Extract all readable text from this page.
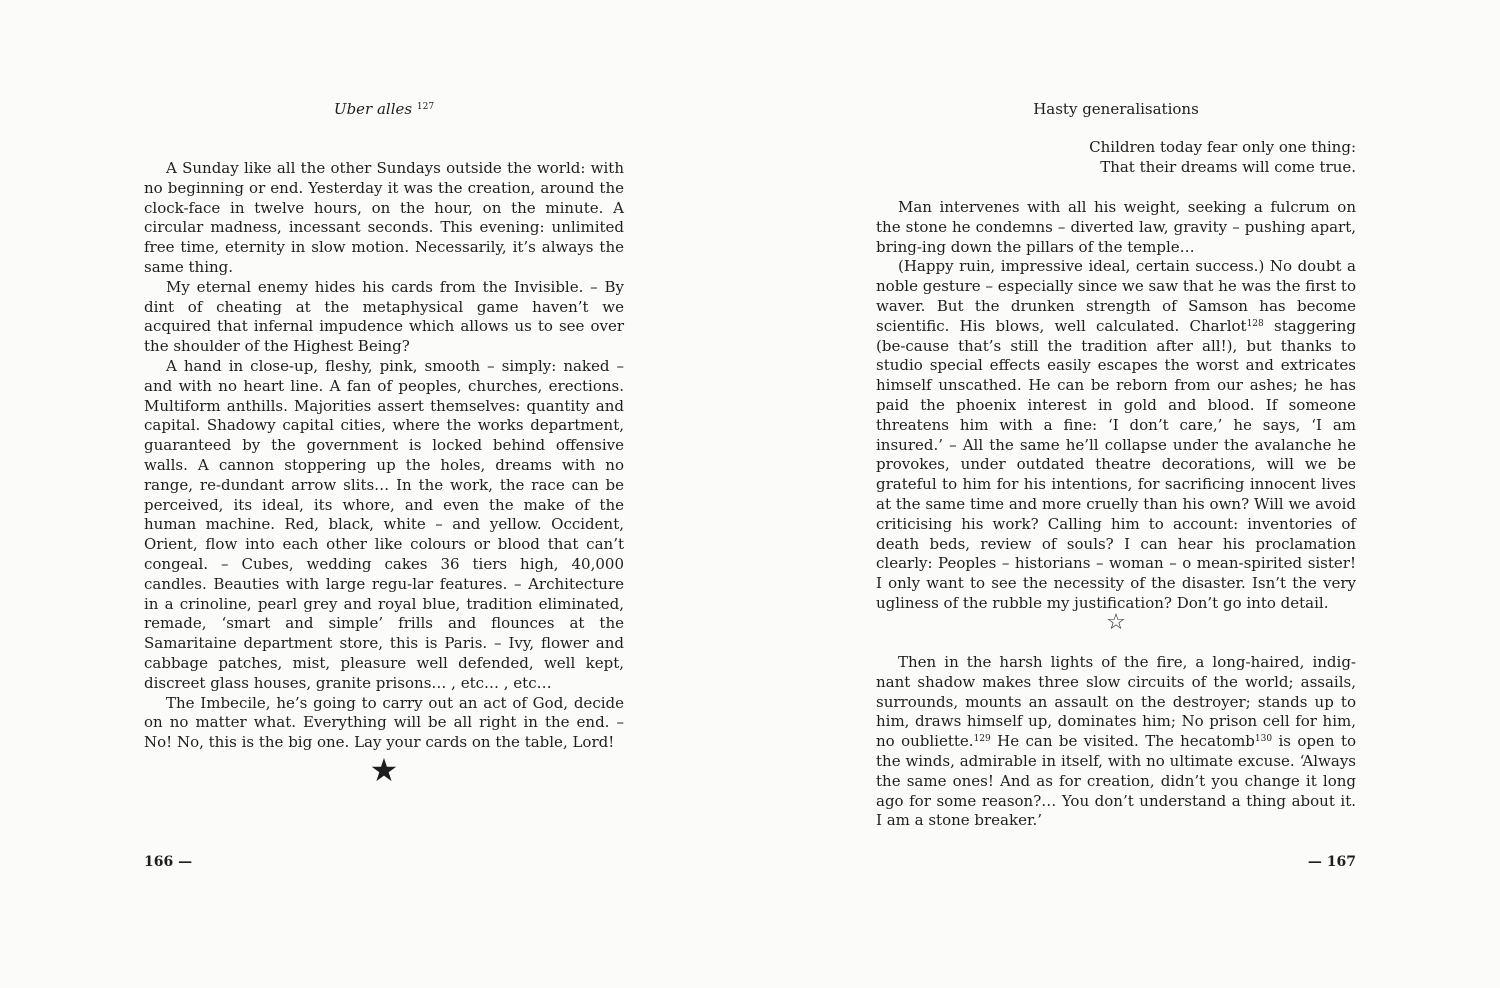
Uber alles $^{127}$

A Sunday like all the other Sundays outside the world: with no beginning or end. Yesterday it was the creation, around the clock-face in twelve hours, on the hour, on the minute. A circular madness, incessant seconds. This evening: unlimited free time, eternity in slow motion. Necessarily, it’s always the same thing.

My eternal enemy hides his cards from the Invisible. – By dint of cheating at the metaphysical game haven’t we acquired that infernal impudence which allows us to see over the shoulder of the Highest Being?

A hand in close-up, fleshy, pink, smooth – simply: naked – and with no heart line. A fan of peoples, churches, erections. Multiform anthills. Majorities assert themselves: quantity and capital. Shadowy capital cities, where the works department, guaranteed by the government is locked behind offensive walls. A cannon stoppering up the holes, dreams with no range, re-dundant arrow slits… In the work, the race can be perceived, its ideal, its whore, and even the make of the human machine. Red, black, white – and yellow. Occident, Orient, flow into each other like colours or blood that can’t congeal. – Cubes, wedding cakes 36 tiers high, 40,000 candles. Beauties with large regu-lar features. – Architecture in a crinoline, pearl grey and royal blue, tradition eliminated, remade, ‘smart and simple’ frills and flounces at the Samaritaine department store, this is Paris. – Ivy, flower and cabbage patches, mist, pleasure well defended, well kept, discreet glass houses, granite prisons… , etc… , etc…

The Imbecile, he’s going to carry out an act of God, decide on no matter what. Everything will be all right in the end. – No! No, this is the big one. Lay your cards on the table, Lord!

★
166 —
Hasty generalisations
Children today fear only one thing:
That their dreams will come true.

Man intervenes with all his weight, seeking a fulcrum on the stone he condemns – diverted law, gravity – pushing apart, bring-ing down the pillars of the temple…

(Happy ruin, impressive ideal, certain success.) No doubt a noble gesture – especially since we saw that he was the first to waver. But the drunken strength of Samson has become scientific. His blows, well calculated. Charlot$^{128}$ staggering (be-cause that’s still the tradition after all!), but thanks to studio special effects easily escapes the worst and extricates himself unscathed. He can be reborn from our ashes; he has paid the phoenix interest in gold and blood. If someone threatens him with a fine: ‘I don’t care,’ he says, ‘I am insured.’ – All the same he’ll collapse under the avalanche he provokes, under outdated theatre decorations, will we be grateful to him for his intentions, for sacrificing innocent lives at the same time and more cruelly than his own? Will we avoid criticising his work? Calling him to account: inventories of death beds, review of souls? I can hear his proclamation clearly: Peoples – historians – woman – o mean-spirited sister! I only want to see the necessity of the disaster. Isn’t the very ugliness of the rubble my justification? Don’t go into detail.

☆

Then in the harsh lights of the fire, a long-haired, indig-nant shadow makes three slow circuits of the world; assails, surrounds, mounts an assault on the destroyer; stands up to him, draws himself up, dominates him; No prison cell for him, no oubliette.$^{129}$ He can be visited. The hecatomb$^{130}$ is open to the winds, admirable in itself, with no ultimate excuse. ‘Always the same ones! And as for creation, didn’t you change it long ago for some reason?… You don’t understand a thing about it. I am a stone breaker.’

— 167
